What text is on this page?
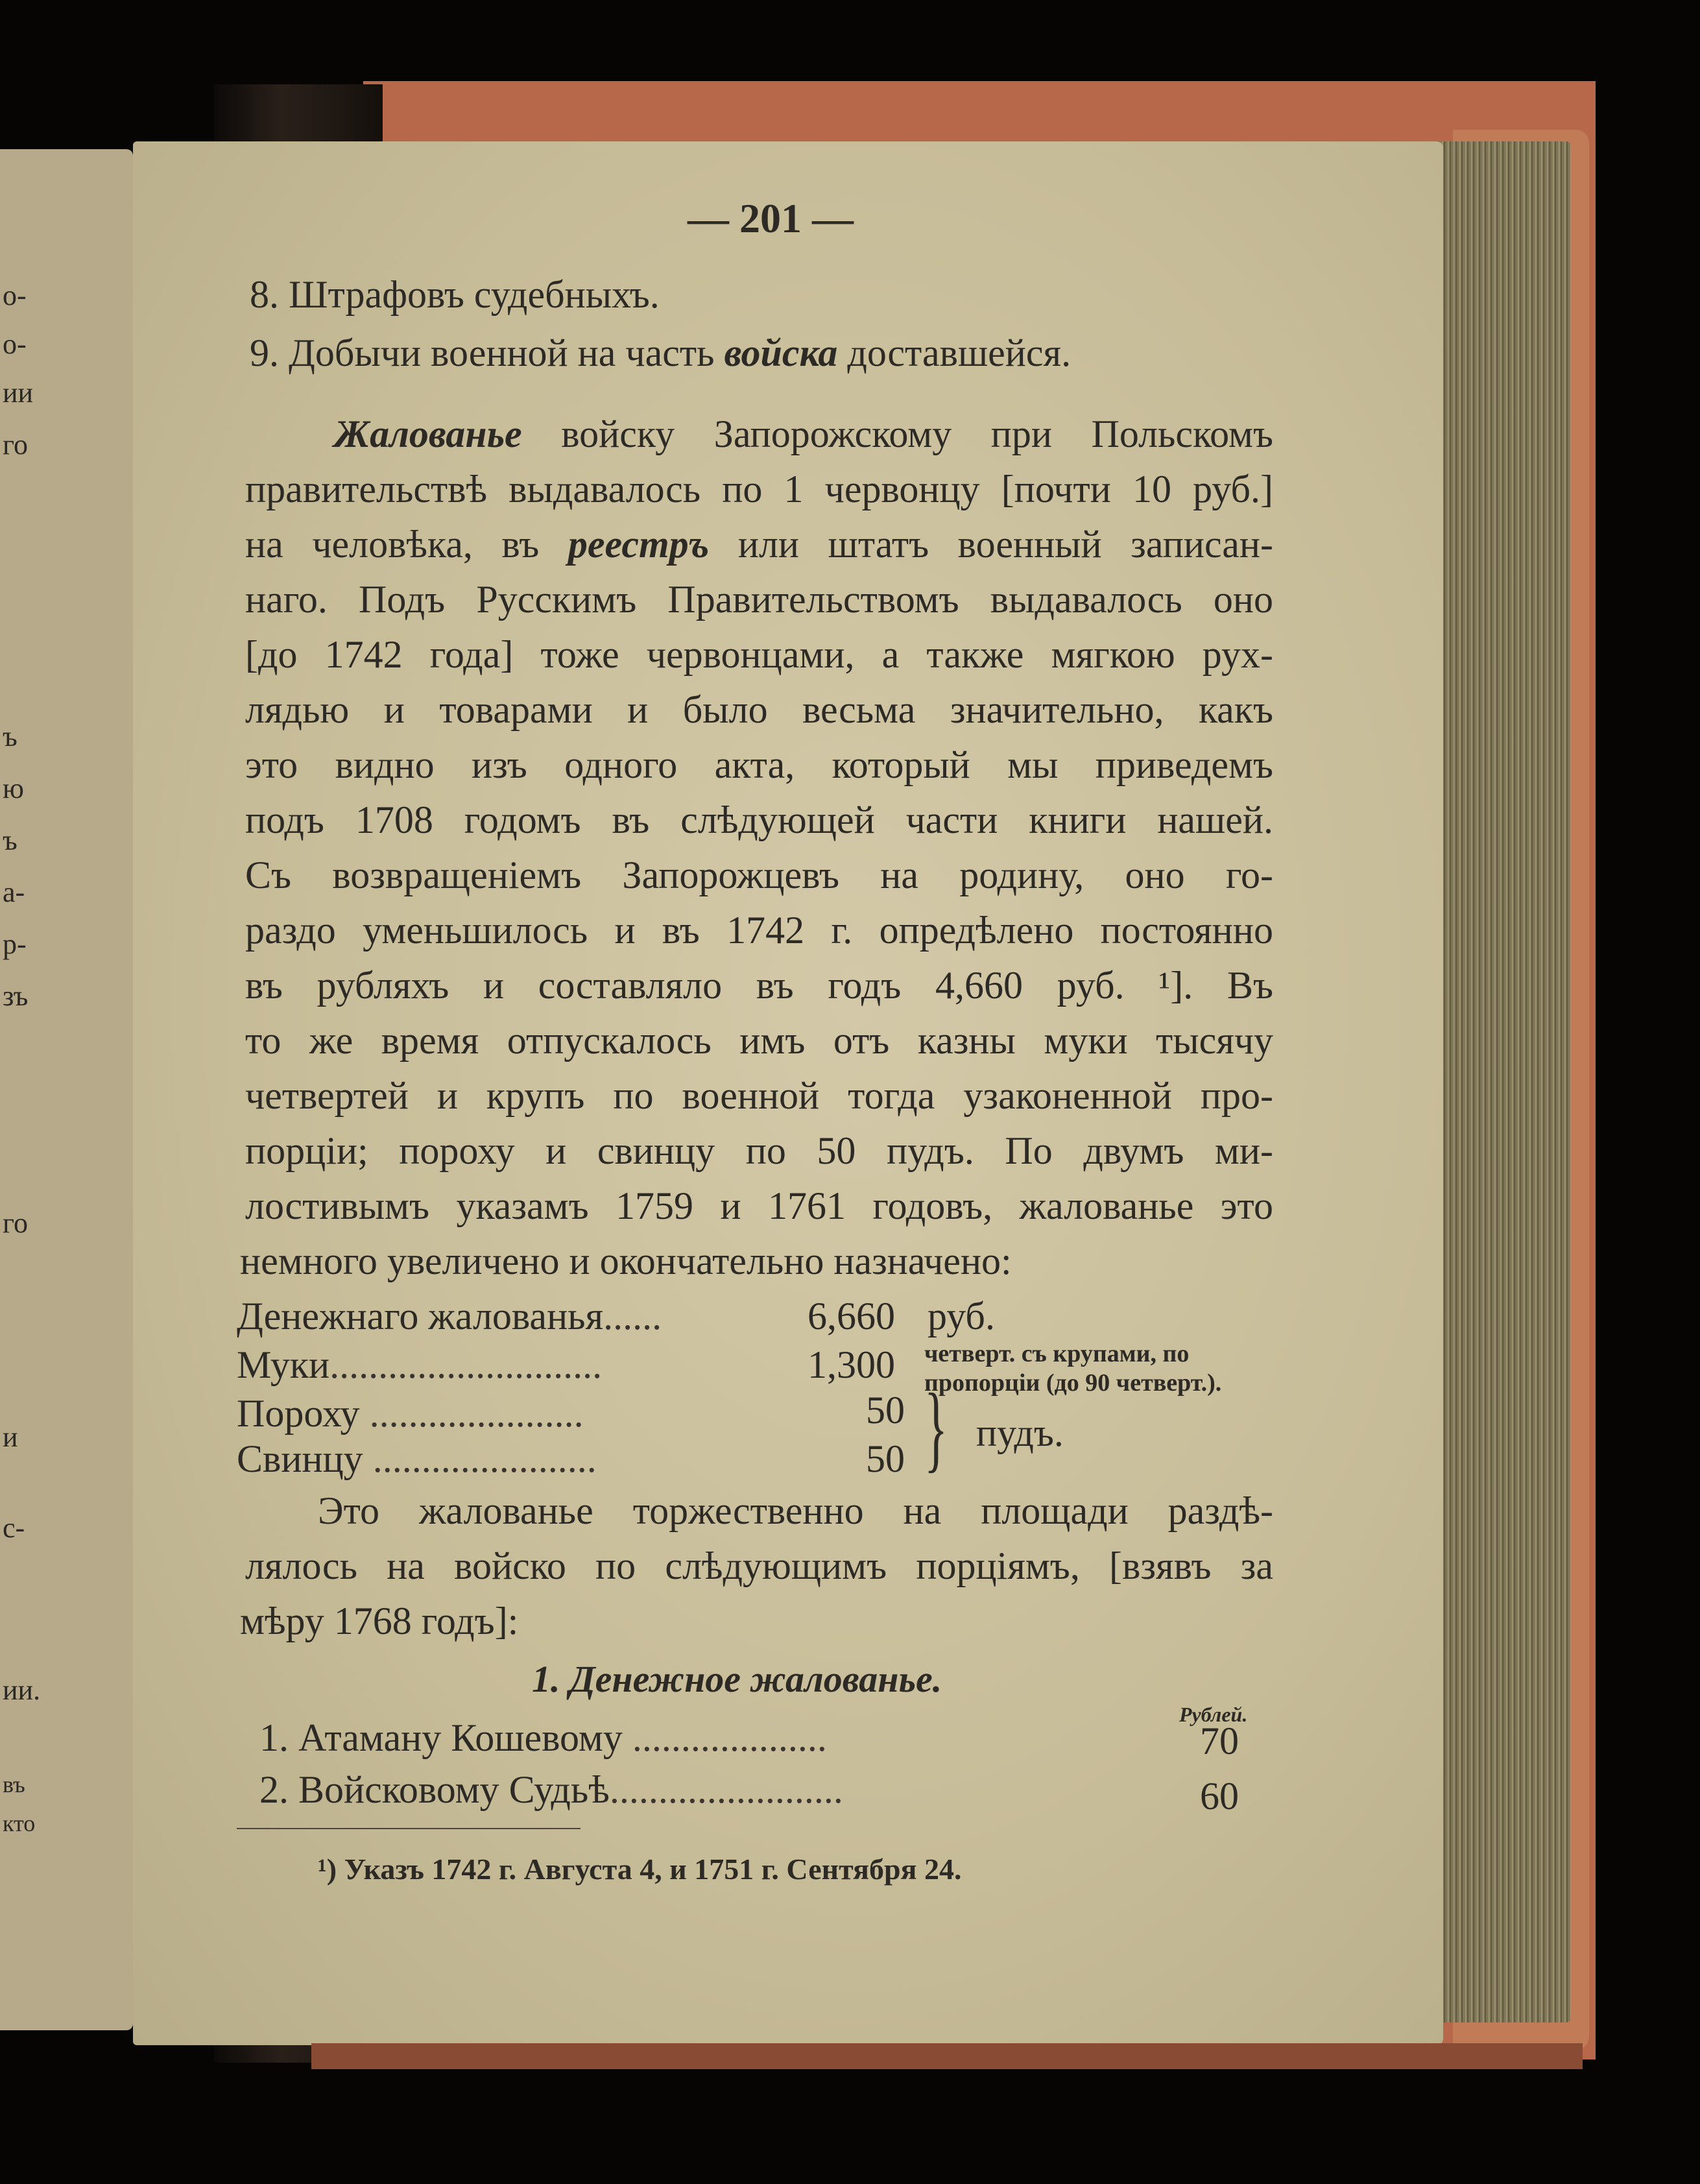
о-
о-
ии
го
ъ
ю
ъ
а-
р-
зъ
го
и
с-
ии.
въ
кто
— 201 —
8. Штрафовъ судебныхъ.
9. Добычи военной на часть войска доставшейся.
Жалованье войску Запорожскому при Польскомъ
правительствѣ выдавалось по 1 червонцу [почти 10 руб.]
на человѣка, въ реестръ или штатъ военный записан-
наго. Подъ Русскимъ Правительствомъ выдавалось оно
[до 1742 года] тоже червонцами, а также мягкою рух-
лядью и товарами и было весьма значительно, какъ
это видно изъ одного акта, который мы приведемъ
подъ 1708 годомъ въ слѣдующей части книги нашей.
Съ возвращеніемъ Запорожцевъ на родину, оно го-
раздо уменьшилось и въ 1742 г. опредѣлено постоянно
въ рубляхъ и составляло въ годъ 4,660 руб. ¹]. Въ
то же время отпускалось имъ отъ казны муки тысячу
четвертей и крупъ по военной тогда узаконенной про-
порціи; пороху и свинцу по 50 пудъ. По двумъ ми-
лостивымъ указамъ 1759 и 1761 годовъ, жалованье это
немного увеличено и окончательно назначено:
Денежнаго жалованья......	6,660 руб.
Муки............................	1,300 четверт. съ крупами, по
пропорціи (до 90 четверт.).
Пороху ......................	50
Свинцу .......................	50 } пудъ.
Это жалованье торжественно на площади раздѣ-
лялось на войско по слѣдующимъ порціямъ, [взявъ за
мѣру 1768 годъ]:
1. Денежное жалованье.
Рублей.
1. Атаману Кошевому ....................	70
2. Войсковому Судьѣ........................	60
¹) Указъ 1742 г. Августа 4, и 1751 г. Сентября 24.
